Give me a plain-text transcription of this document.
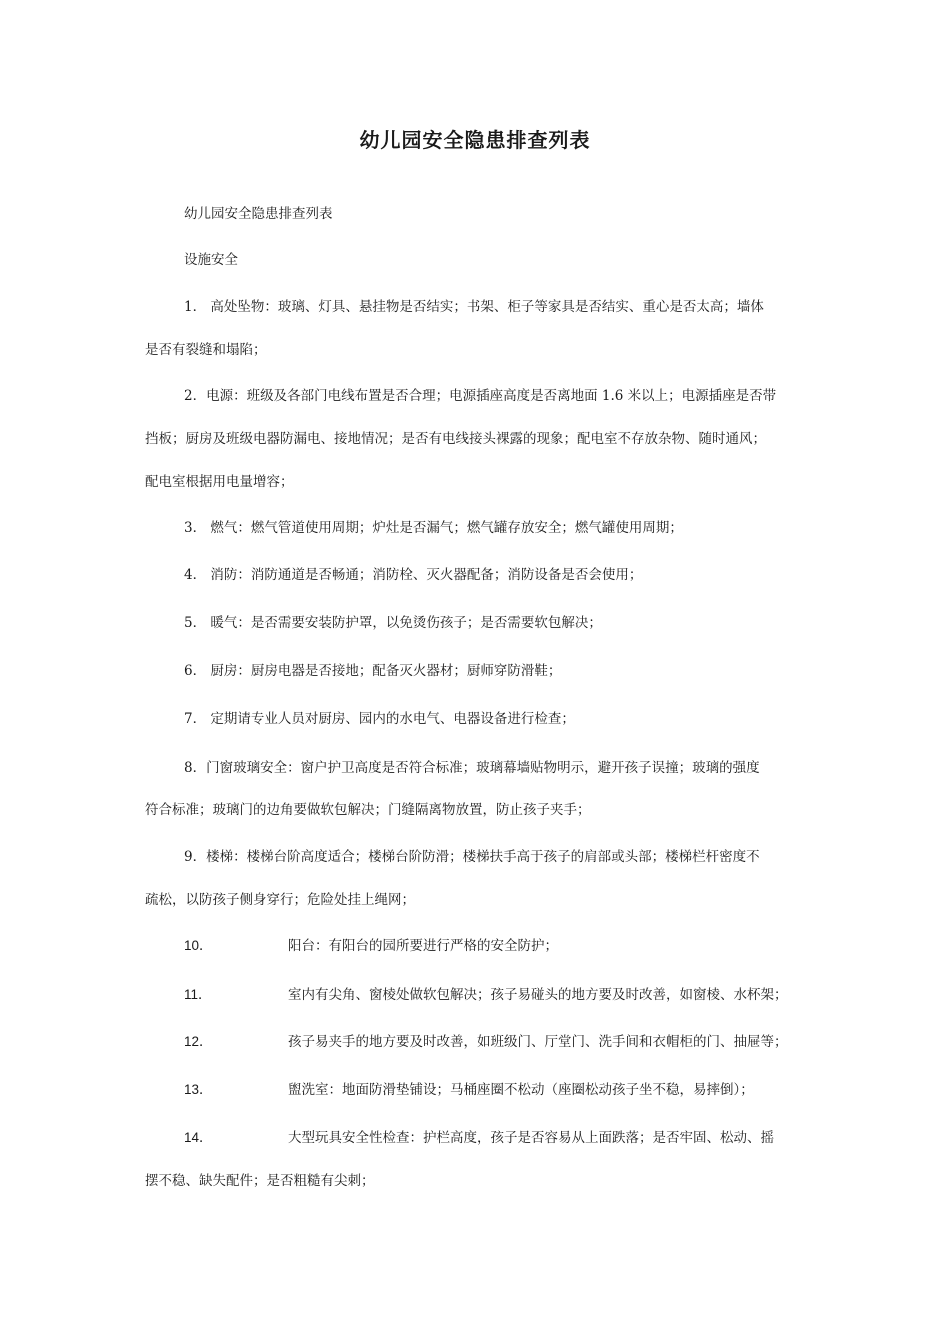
幼儿园安全隐患排查列表
幼儿园安全隐患排查列表
设施安全
1． 高处坠物：玻璃、灯具、悬挂物是否结实；书架、柜子等家具是否结实、重心是否太高；墙体
是否有裂缝和塌陷；
2．电源：班级及各部门电线布置是否合理；电源插座高度是否离地面 1.6 米以上；电源插座是否带
挡板；厨房及班级电器防漏电、接地情况；是否有电线接头裸露的现象；配电室不存放杂物、随时通风；
配电室根据用电量增容；
3． 燃气：燃气管道使用周期；炉灶是否漏气；燃气罐存放安全；燃气罐使用周期；
4． 消防：消防通道是否畅通；消防栓、灭火器配备；消防设备是否会使用；
5． 暖气：是否需要安装防护罩，以免烫伤孩子；是否需要软包解决；
6． 厨房：厨房电器是否接地；配备灭火器材；厨师穿防滑鞋；
7． 定期请专业人员对厨房、园内的水电气、电器设备进行检查；
8．门窗玻璃安全：窗户护卫高度是否符合标准；玻璃幕墙贴物明示，避开孩子误撞；玻璃的强度
符合标准；玻璃门的边角要做软包解决；门缝隔离物放置，防止孩子夹手；
9．楼梯：楼梯台阶高度适合；楼梯台阶防滑；楼梯扶手高于孩子的肩部或头部；楼梯栏杆密度不
疏松，以防孩子侧身穿行；危险处挂上绳网；
10．	阳台：有阳台的园所要进行严格的安全防护；
11．	室内有尖角、窗棱处做软包解决；孩子易碰头的地方要及时改善，如窗棱、水杯架；
12．	孩子易夹手的地方要及时改善，如班级门、厅堂门、洗手间和衣帽柜的门、抽屉等；
13．	盥洗室：地面防滑垫铺设；马桶座圈不松动（座圈松动孩子坐不稳，易摔倒）；
14．	大型玩具安全性检查：护栏高度，孩子是否容易从上面跌落；是否牢固、松动、摇
摆不稳、缺失配件；是否粗糙有尖刺；
